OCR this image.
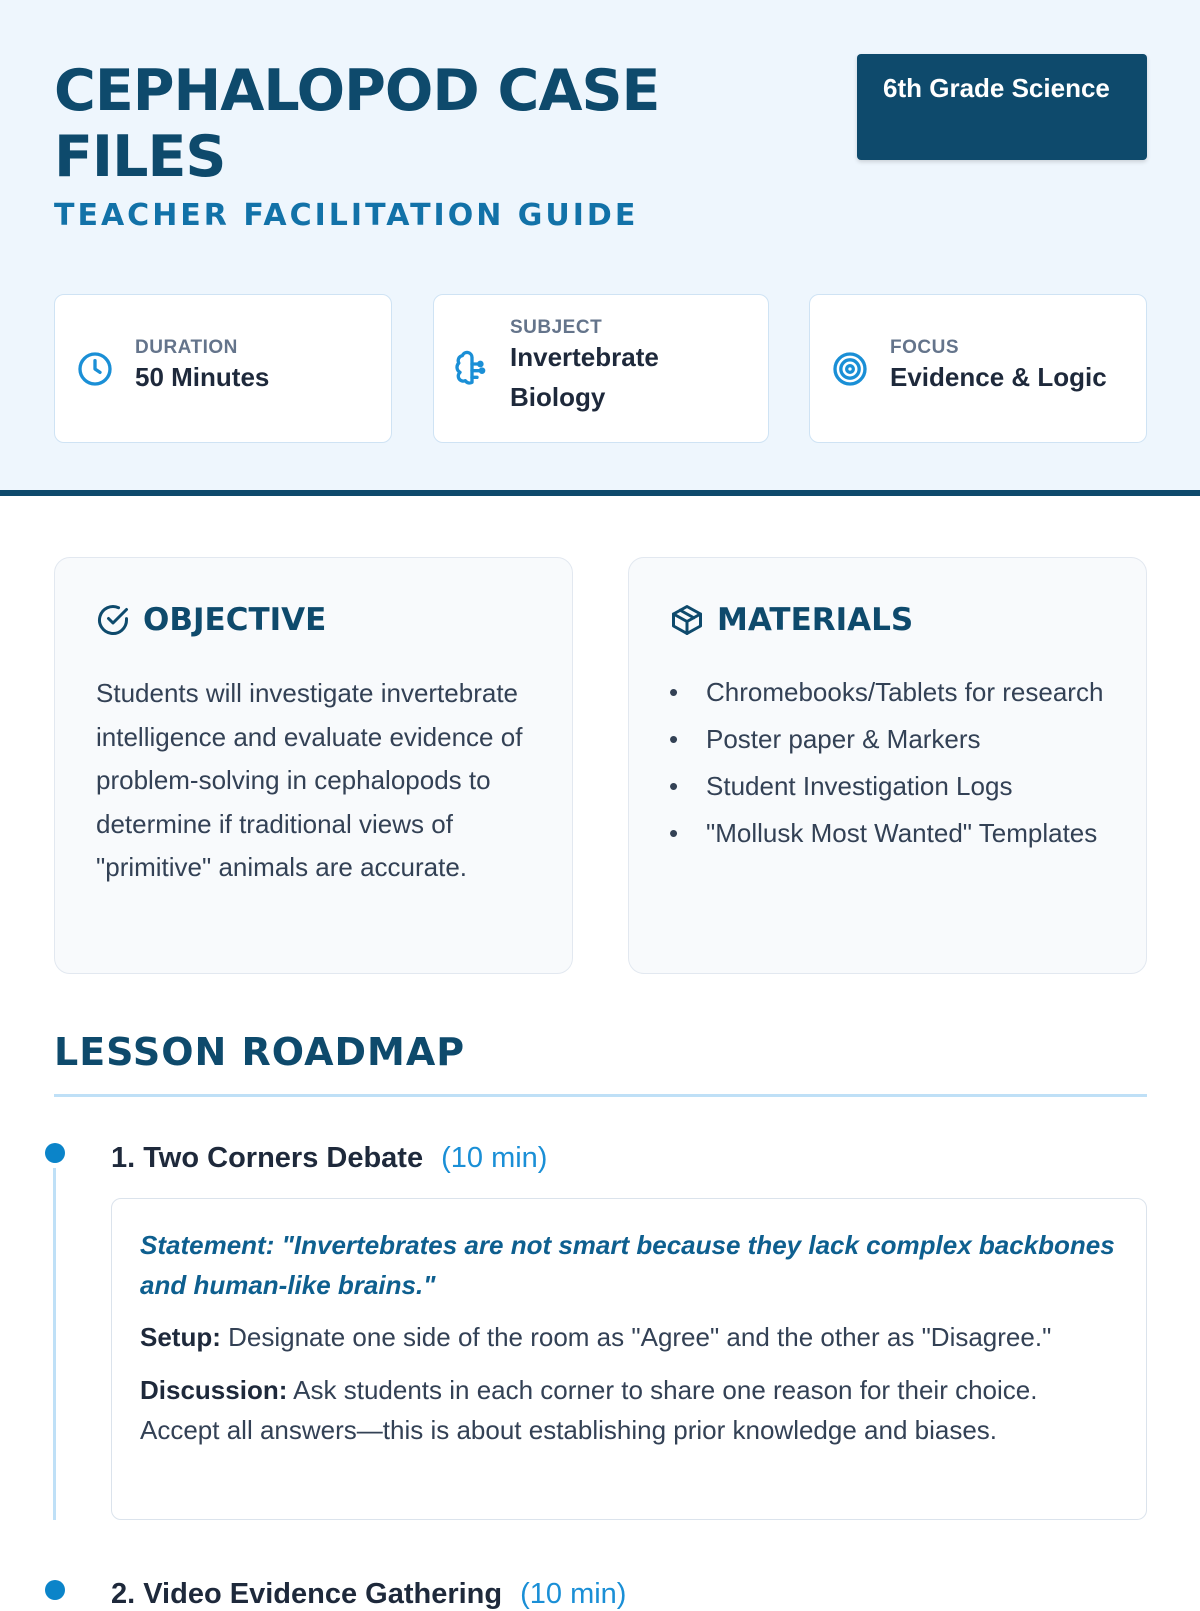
CEPHALOPOD CASE FILES
TEACHER FACILITATION GUIDE
6th Grade Science
DURATION
50 Minutes
SUBJECT
Invertebrate Biology
FOCUS
Evidence & Logic
OBJECTIVE
Students will investigate invertebrate intelligence and evaluate evidence of problem-solving in cephalopods to determine if traditional views of "primitive" animals are accurate.
MATERIALS
• Chromebooks/Tablets for research
• Poster paper & Markers
• Student Investigation Logs
• "Mollusk Most Wanted" Templates
LESSON ROADMAP
1. Two Corners Debate (10 min)
Statement: "Invertebrates are not smart because they lack complex backbones and human-like brains."
Setup: Designate one side of the room as "Agree" and the other as "Disagree."
Discussion: Ask students in each corner to share one reason for their choice. Accept all answers—this is about establishing prior knowledge and biases.
2. Video Evidence Gathering (10 min)
